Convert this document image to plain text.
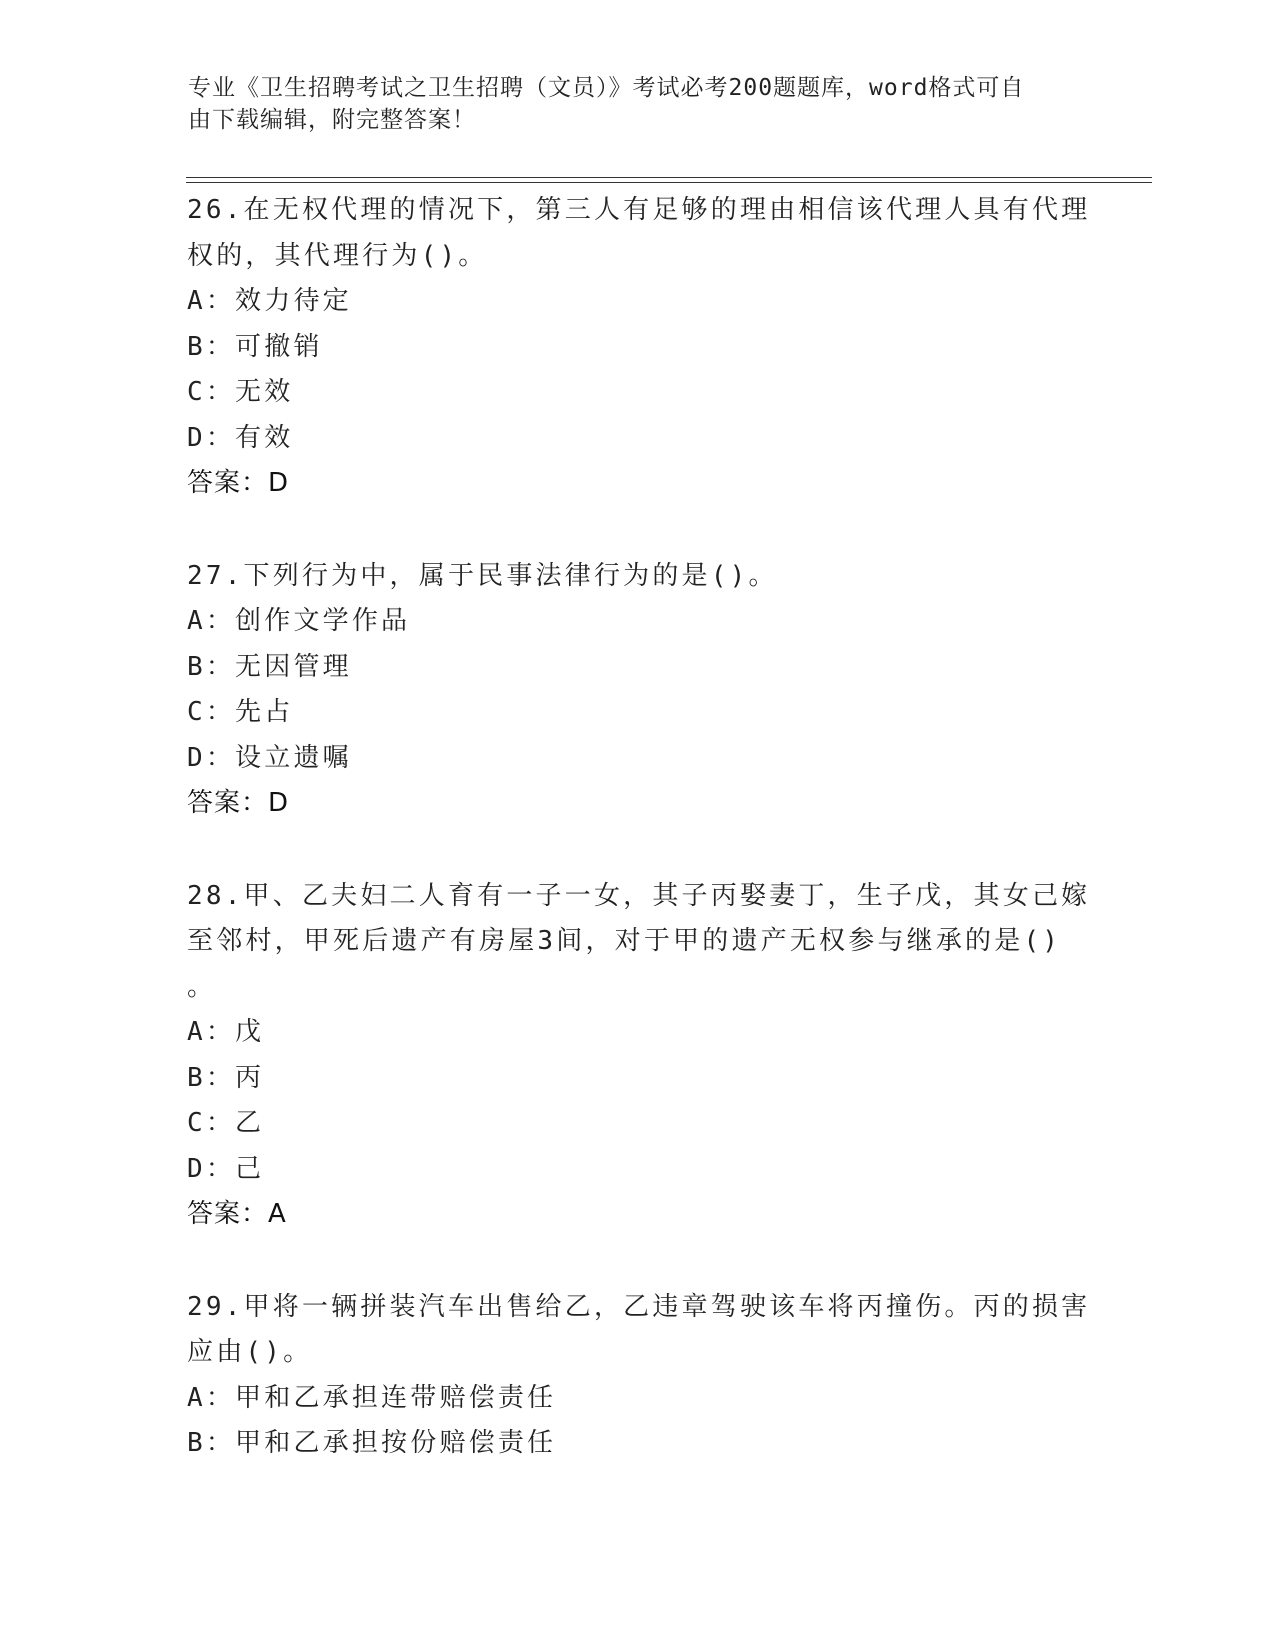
专业《卫生招聘考试之卫生招聘（文员）》考试必考200题题库，word格式可自
由下载编辑，附完整答案！
26.在无权代理的情况下，第三人有足够的理由相信该代理人具有代理
权的，其代理行为()。
A：效力待定
B：可撤销
C：无效
D：有效
答案：D
27.下列行为中，属于民事法律行为的是()。
A：创作文学作品
B：无因管理
C：先占
D：设立遗嘱
答案：D
28.甲、乙夫妇二人育有一子一女，其子丙娶妻丁，生子戊，其女己嫁
至邻村，甲死后遗产有房屋3间，对于甲的遗产无权参与继承的是()
。
A：戊
B：丙
C：乙
D：己
答案：A
29.甲将一辆拼装汽车出售给乙，乙违章驾驶该车将丙撞伤。丙的损害
应由()。
A：甲和乙承担连带赔偿责任
B：甲和乙承担按份赔偿责任
